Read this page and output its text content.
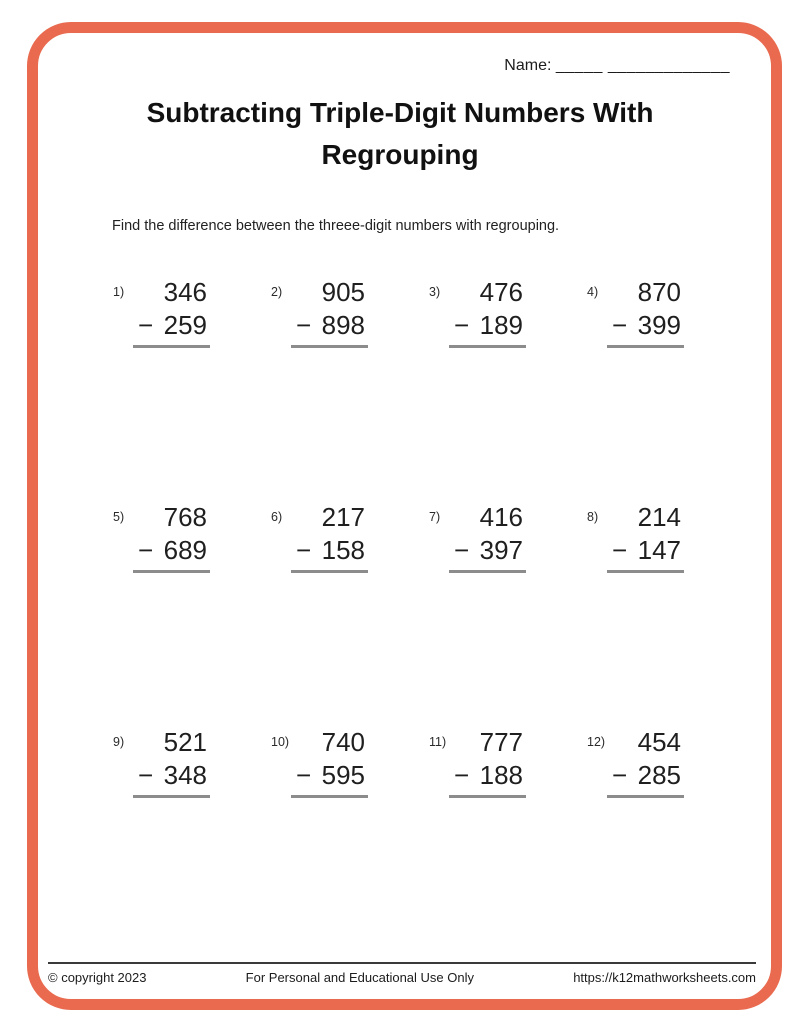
Name: _____ _____________
Subtracting Triple-Digit Numbers With
Regrouping
Find the difference between the threee-digit numbers with regrouping.
1)	346
− 259
2)	905
− 898
3)	476
− 189
4)	870
− 399
5)	768
− 689
6)	217
− 158
7)	416
− 397
8)	214
− 147
9)	521
− 348
10)	740
− 595
11)	777
− 188
12)	454
− 285
© copyright 2023	For Personal and Educational Use Only	https://k12mathworksheets.com
